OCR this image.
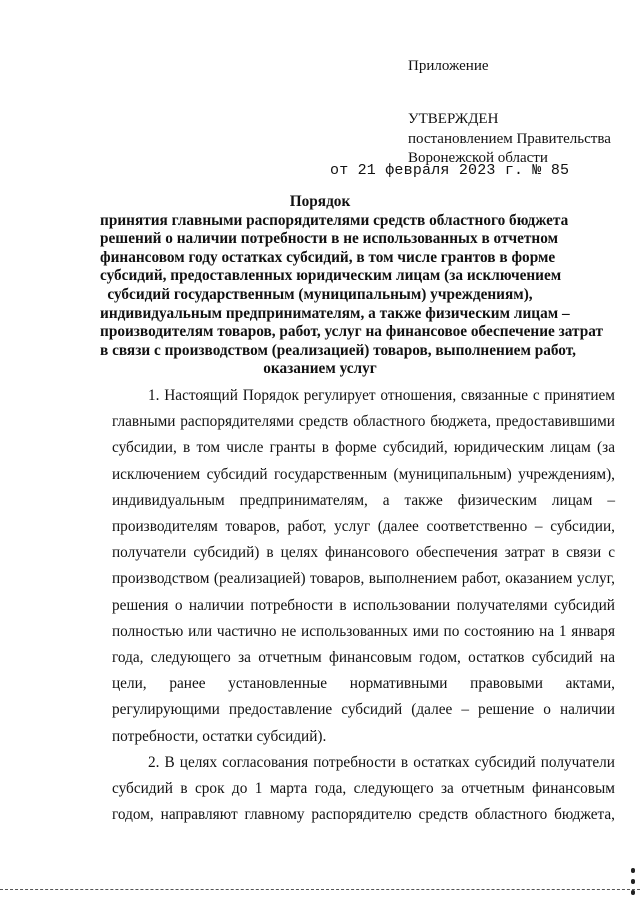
Приложение
УТВЕРЖДЕН
постановлением Правительства
Воронежской области
от 21 февраля 2023 г. № 85
Порядок
принятия главными распорядителями средств областного бюджета
решений о наличии потребности в не использованных в отчетном
финансовом году остатках субсидий, в том числе грантов в форме
субсидий, предоставленных юридическим лицам (за исключением
субсидий государственным (муниципальным) учреждениям),
индивидуальным предпринимателям, а также физическим лицам –
производителям товаров, работ, услуг на финансовое обеспечение затрат
в связи с производством (реализацией) товаров, выполнением работ,
оказанием услуг
1. Настоящий Порядок регулирует отношения, связанные с принятием
главными распорядителями средств областного бюджета, предоставившими
субсидии, в том числе гранты в форме субсидий, юридическим лицам (за
исключением субсидий государственным (муниципальным) учреждениям),
индивидуальным предпринимателям, а также физическим лицам –
производителям товаров, работ, услуг (далее соответственно – субсидии,
получатели субсидий) в целях финансового обеспечения затрат в связи с
производством (реализацией) товаров, выполнением работ, оказанием услуг,
решения о наличии потребности в использовании получателями субсидий
полностью или частично не использованных ими по состоянию на 1 января
года, следующего за отчетным финансовым годом, остатков субсидий на
цели, ранее установленные нормативными правовыми актами,
регулирующими предоставление субсидий (далее – решение о наличии
потребности, остатки субсидий).
2. В целях согласования потребности в остатках субсидий получатели
субсидий в срок до 1 марта года, следующего за отчетным финансовым
годом, направляют главному распорядителю средств областного бюджета,
